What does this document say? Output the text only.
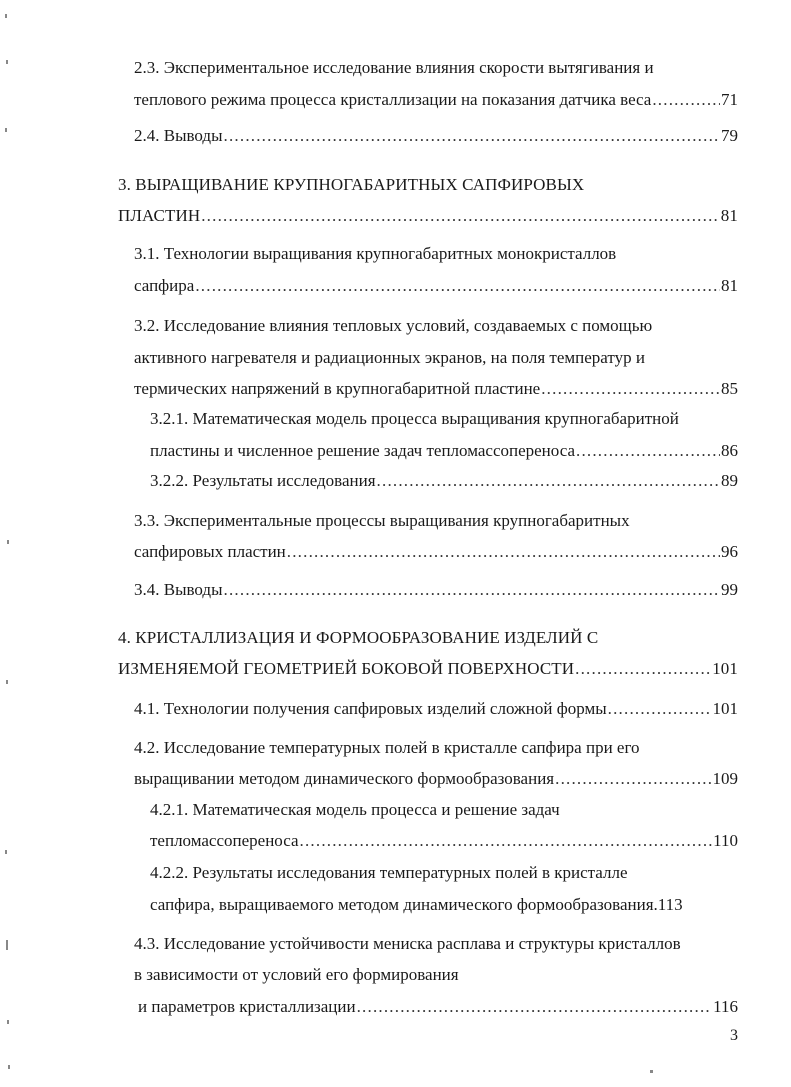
2.3. Экспериментальное исследование влияния скорости вытягивания и
теплового режима процесса кристаллизации на показания датчика веса .....	71
2.4. Выводы .....	79
3. ВЫРАЩИВАНИЕ КРУПНОГАБАРИТНЫХ САПФИРОВЫХ
ПЛАСТИН .....	81
3.1. Технологии выращивания крупногабаритных монокристаллов
сапфира .....	81
3.2. Исследование влияния тепловых условий, создаваемых с помощью
активного нагревателя и радиационных экранов, на поля температур и
термических напряжений в крупногабаритной пластине .....	85
3.2.1. Математическая модель процесса выращивания крупногабаритной
пластины и численное решение задач тепломассопереноса .....	86
3.2.2. Результаты исследования .....	89
3.3. Экспериментальные процессы выращивания крупногабаритных
сапфировых пластин .....	96
3.4. Выводы .....	99
4. КРИСТАЛЛИЗАЦИЯ И ФОРМООБРАЗОВАНИЕ ИЗДЕЛИЙ С
ИЗМЕНЯЕМОЙ ГЕОМЕТРИЕЙ БОКОВОЙ ПОВЕРХНОСТИ .....	101
4.1. Технологии получения сапфировых изделий сложной формы .....	101
4.2. Исследование температурных полей в кристалле сапфира при его
выращивании методом динамического формообразования .....	109
4.2.1. Математическая модель процесса и решение задач
тепломассопереноса .....	110
4.2.2. Результаты исследования температурных полей в кристалле
сапфира, выращиваемого методом динамического формообразования. 113
4.3. Исследование устойчивости мениска расплава и структуры кристаллов
в зависимости от условий его формирования
и параметров кристаллизации .....	116
3
